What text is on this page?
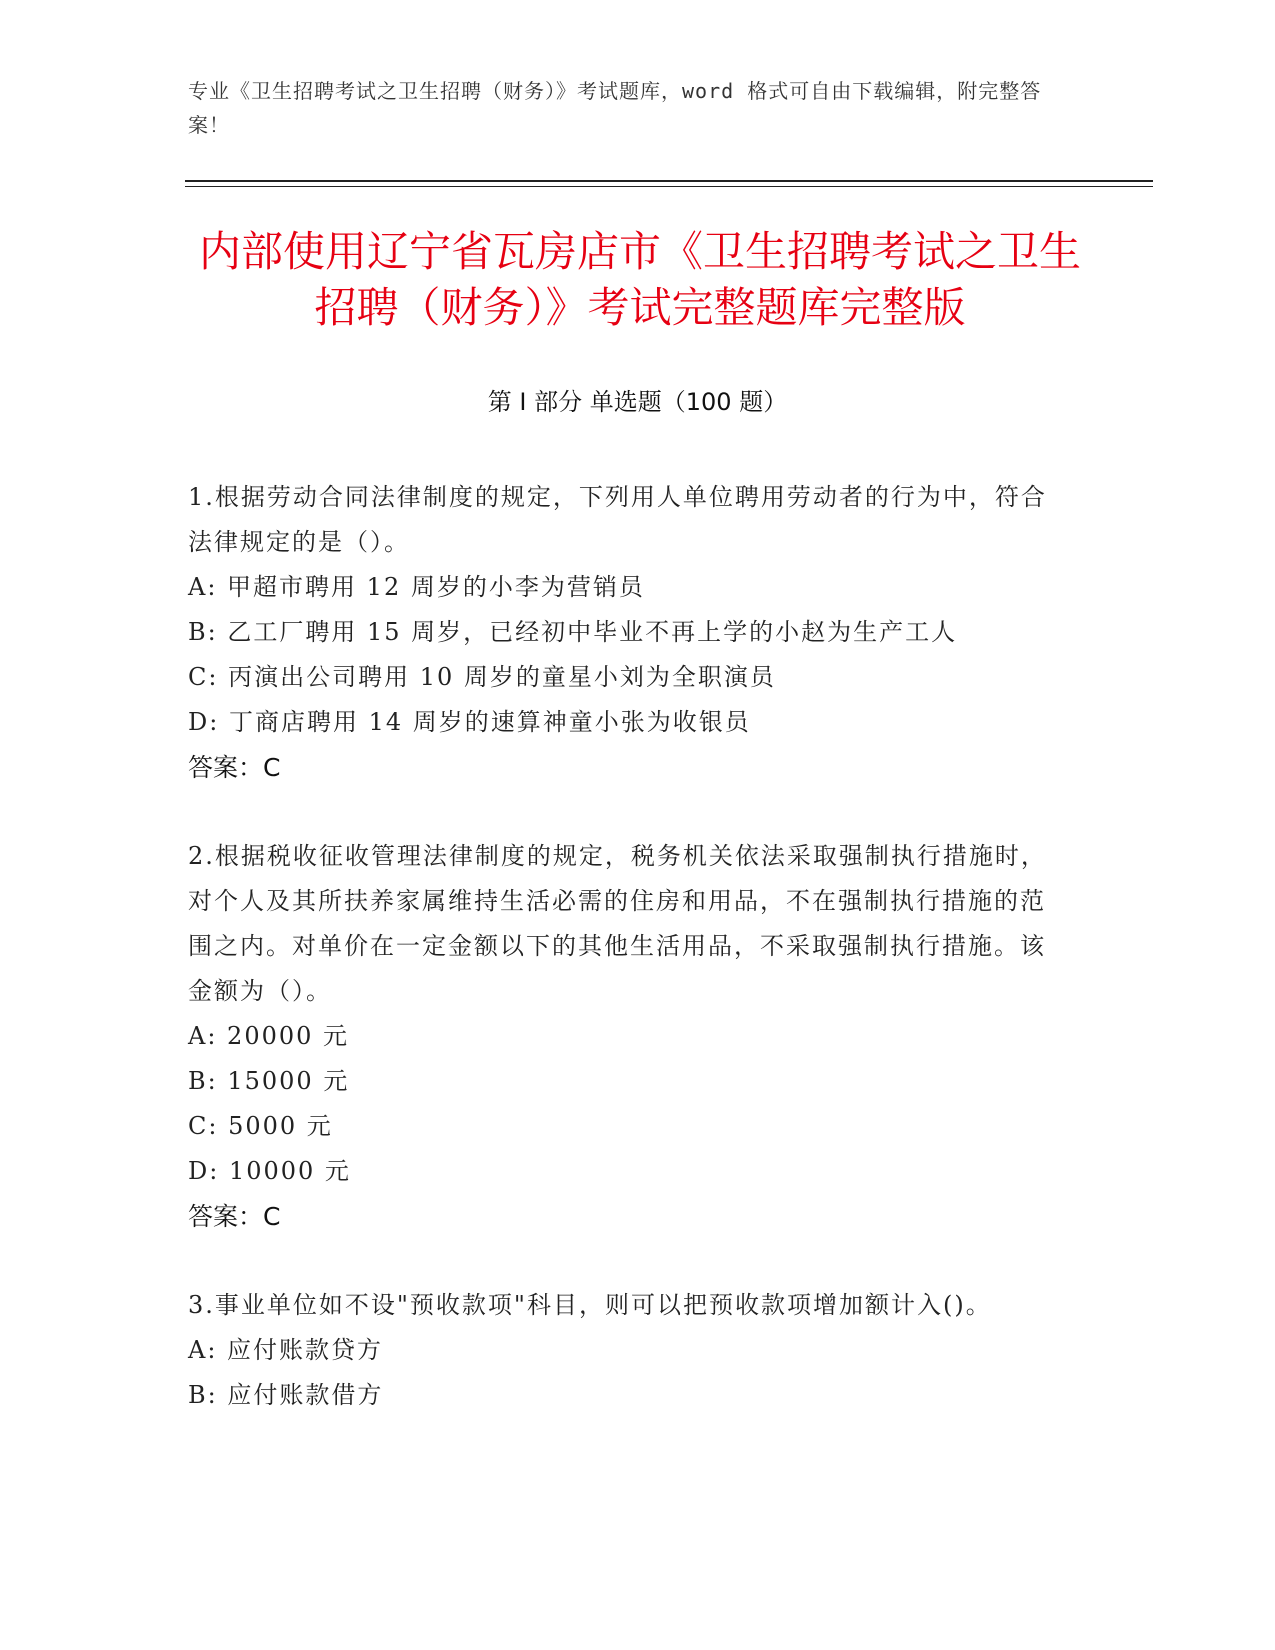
专业《卫生招聘考试之卫生招聘（财务）》考试题库，word 格式可自由下载编辑，附完整答案！
内部使用辽宁省瓦房店市《卫生招聘考试之卫生招聘（财务）》考试完整题库完整版
第 I 部分 单选题（100 题）
1.根据劳动合同法律制度的规定，下列用人单位聘用劳动者的行为中，符合法律规定的是（）。
A: 甲超市聘用 12 周岁的小李为营销员
B: 乙工厂聘用 15 周岁，已经初中毕业不再上学的小赵为生产工人
C: 丙演出公司聘用 10 周岁的童星小刘为全职演员
D: 丁商店聘用 14 周岁的速算神童小张为收银员
答案：C
2.根据税收征收管理法律制度的规定，税务机关依法采取强制执行措施时，对个人及其所扶养家属维持生活必需的住房和用品，不在强制执行措施的范围之内。对单价在一定金额以下的其他生活用品，不采取强制执行措施。该金额为（）。
A: 20000 元
B: 15000 元
C: 5000 元
D: 10000 元
答案：C
3.事业单位如不设"预收款项"科目，则可以把预收款项增加额计入()。
A: 应付账款贷方
B: 应付账款借方
